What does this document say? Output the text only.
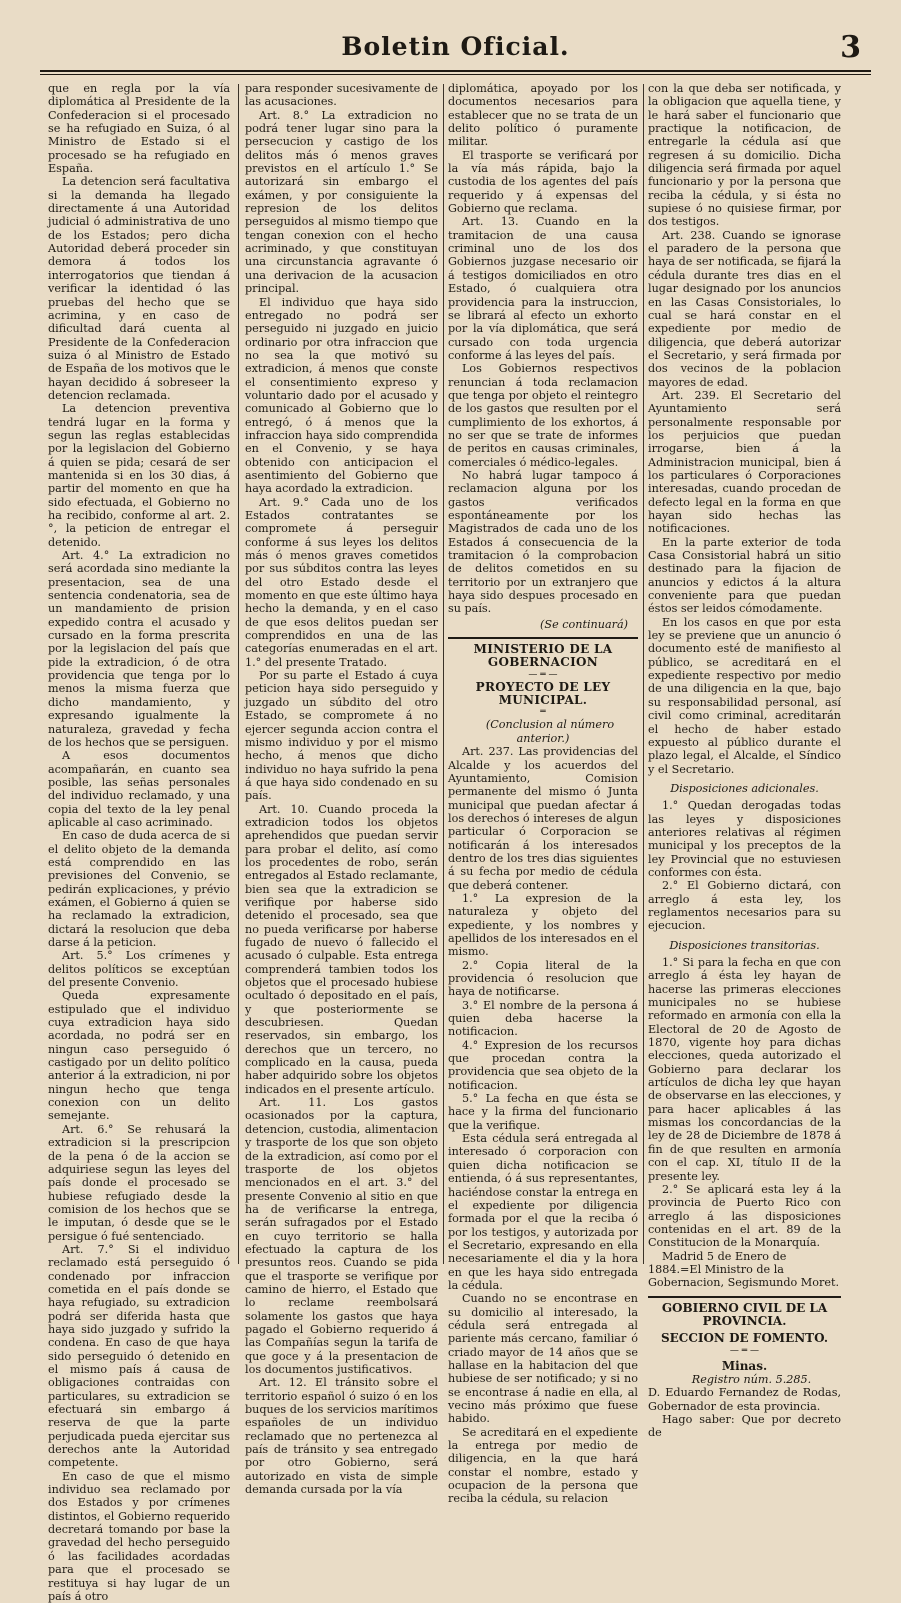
Boletin Oficial.	3

que en regla por la vía diplomática al Presidente de la Confederacion si el procesado se ha refugiado en Suiza, ó al Ministro de Estado si el procesado se ha refugiado en España.

La detencion será facultativa si la demanda ha llegado directamente á una Autoridad judicial ó administrativa de uno de los Estados; pero dicha Autoridad deberá proceder sin demora á todos los interrogatorios que tiendan á verificar la identidad ó las pruebas del hecho que se acrimina, y en caso de dificultad dará cuenta al Presidente de la Confederacion suiza ó al Ministro de Estado de España de los motivos que le hayan decidido á sobreseer la detencion reclamada.

La detencion preventiva tendrá lugar en la forma y segun las reglas establecidas por la legislacion del Gobierno á quien se pida; cesará de ser mantenida si en los 30 dias, á partir del momento en que ha sido efectuada, el Gobierno no ha recibido, conforme al art. 2.°, la peticion de entregar el detenido.

Art. 4.° La extradicion no será acordada sino mediante la presentacion, sea de una sentencia condenatoria, sea de un mandamiento de prision expedido contra el acusado y cursado en la forma prescrita por la legislacion del país que pide la extradicion, ó de otra providencia que tenga por lo menos la misma fuerza que dicho mandamiento, y expresando igualmente la naturaleza, gravedad y fecha de los hechos que se persiguen.

A esos documentos acompañarán, en cuanto sea posible, las señas personales del individuo reclamado, y una copia del texto de la ley penal aplicable al caso acriminado.

En caso de duda acerca de si el delito objeto de la demanda está comprendido en las previsiones del Convenio, se pedirán explicaciones, y prévio exámen, el Gobierno á quien se ha reclamado la extradicion, dictará la resolucion que deba darse á la peticion.

Art. 5.° Los crímenes y delitos políticos se exceptúan del presente Convenio.

Queda expresamente estipulado que el individuo cuya extradicion haya sido acordada, no podrá ser en ningun caso perseguido ó castigado por un delito político anterior á la extradicion, ni por ningun hecho que tenga conexion con un delito semejante.

Art. 6.° Se rehusará la extradicion si la prescripcion de la pena ó de la accion se adquiriese segun las leyes del país donde el procesado se hubiese refugiado desde la comision de los hechos que se le imputan, ó desde que se le persigue ó fué sentenciado.

Art. 7.° Si el individuo reclamado está perseguido ó condenado por infraccion cometida en el país donde se haya refugiado, su extradicion podrá ser diferida hasta que haya sido juzgado y sufrido la condena. En caso de que haya sido perseguido ó detenido en el mismo país á causa de obligaciones contraidas con particulares, su extradicion se efectuará sin embargo á reserva de que la parte perjudicada pueda ejercitar sus derechos ante la Autoridad competente.

En caso de que el mismo individuo sea reclamado por dos Estados y por crímenes distintos, el Gobierno requerido decretará tomando por base la gravedad del hecho perseguido ó las facilidades acordadas para que el procesado se restituya si hay lugar de un país á otro

para responder sucesivamente de las acusaciones.

Art. 8.° La extradicion no podrá tener lugar sino para la persecucion y castigo de los delitos más ó menos graves previstos en el artículo 1.° Se autorizará sin embargo el exámen, y por consiguiente la represion de los delitos perseguidos al mismo tiempo que tengan conexion con el hecho acriminado, y que constituyan una circunstancia agravante ó una derivacion de la acusacion principal.

El individuo que haya sido entregado no podrá ser perseguido ni juzgado en juicio ordinario por otra infraccion que no sea la que motivó su extradicion, á menos que conste el consentimiento expreso y voluntario dado por el acusado y comunicado al Gobierno que lo entregó, ó á menos que la infraccion haya sido comprendida en el Convenio, y se haya obtenido con anticipacion el asentimiento del Gobierno que haya acordado la extradicion.

Art. 9.° Cada uno de los Estados contratantes se compromete á perseguir conforme á sus leyes los delitos más ó menos graves cometidos por sus súbditos contra las leyes del otro Estado desde el momento en que este último haya hecho la demanda, y en el caso de que esos delitos puedan ser comprendidos en una de las categorías enumeradas en el art. 1.° del presente Tratado.

Por su parte el Estado á cuya peticion haya sido perseguido y juzgado un súbdito del otro Estado, se compromete á no ejercer segunda accion contra el mismo individuo y por el mismo hecho, á menos que dicho individuo no haya sufrido la pena á que haya sido condenado en su país.

Art. 10. Cuando proceda la extradicion todos los objetos aprehendidos que puedan servir para probar el delito, así como los procedentes de robo, serán entregados al Estado reclamante, bien sea que la extradicion se verifique por haberse sido detenido el procesado, sea que no pueda verificarse por haberse fugado de nuevo ó fallecido el acusado ó culpable. Esta entrega comprenderá tambien todos los objetos que el procesado hubiese ocultado ó depositado en el país, y que posteriormente se descubriesen. Quedan reservados, sin embargo, los derechos que un tercero, no complicado en la causa, pueda haber adquirido sobre los objetos indicados en el presente artículo.

Art. 11. Los gastos ocasionados por la captura, detencion, custodia, alimentacion y trasporte de los que son objeto de la extradicion, así como por el trasporte de los objetos mencionados en el art. 3.° del presente Convenio al sitio en que ha de verificarse la entrega, serán sufragados por el Estado en cuyo territorio se halla efectuado la captura de los presuntos reos. Cuando se pida que el trasporte se verifique por camino de hierro, el Estado que lo reclame reembolsará solamente los gastos que haya pagado el Gobierno requerido á las Compañías segun la tarifa de que goce y á la presentacion de los documentos justificativos.

Art. 12. El tránsito sobre el territorio español ó suizo ó en los buques de los servicios marítimos españoles de un individuo reclamado que no pertenezca al país de tránsito y sea entregado por otro Gobierno, será autorizado en vista de simple demanda cursada por la vía

diplomática, apoyado por los documentos necesarios para establecer que no se trata de un delito político ó puramente militar.

El trasporte se verificará por la vía más rápida, bajo la custodia de los agentes del país requerido y á expensas del Gobierno que reclama.

Art. 13. Cuando en la tramitacion de una causa criminal uno de los dos Gobiernos juzgase necesario oir á testigos domiciliados en otro Estado, ó cualquiera otra providencia para la instruccion, se librará al efecto un exhorto por la vía diplomática, que será cursado con toda urgencia conforme á las leyes del país.

Los Gobiernos respectivos renuncian á toda reclamacion que tenga por objeto el reintegro de los gastos que resulten por el cumplimiento de los exhortos, á no ser que se trate de informes de peritos en causas criminales, comerciales ó médico-legales.

No habrá lugar tampoco á reclamacion alguna por los gastos verificados espontáneamente por los Magistrados de cada uno de los Estados á consecuencia de la tramitacion ó la comprobacion de delitos cometidos en su territorio por un extranjero que haya sido despues procesado en su país.

(Se continuará)
MINISTERIO DE LA GOBERNACION
— ═ —
PROYECTO DE LEY MUNICIPAL.
═

(Conclusion al número anterior.)

Art. 237. Las providencias del Alcalde y los acuerdos del Ayuntamiento, Comision permanente del mismo ó Junta municipal que puedan afectar á los derechos ó intereses de algun particular ó Corporacion se notificarán á los interesados dentro de los tres dias siguientes á su fecha por medio de cédula que deberá contener.

1.° La expresion de la naturaleza y objeto del expediente, y los nombres y apellidos de los interesados en el mismo.

2.° Copia literal de la providencia ó resolucion que haya de notificarse.

3.° El nombre de la persona á quien deba hacerse la notificacion.

4.° Expresion de los recursos que procedan contra la providencia que sea objeto de la notificacion.

5.° La fecha en que ésta se hace y la firma del funcionario que la verifique.

Esta cédula será entregada al interesado ó corporacion con quien dicha notificacion se entienda, ó á sus representantes, haciéndose constar la entrega en el expediente por diligencia formada por el que la reciba ó por los testigos, y autorizada por el Secretario, expresando en ella necesariamente el dia y la hora en que les haya sido entregada la cédula.

Cuando no se encontrase en su domicilio al interesado, la cédula será entregada al pariente más cercano, familiar ó criado mayor de 14 años que se hallase en la habitacion del que hubiese de ser notificado; y si no se encontrase á nadie en ella, al vecino más próximo que fuese habido.

Se acreditará en el expediente la entrega por medio de diligencia, en la que hará constar el nombre, estado y ocupacion de la persona que reciba la cédula, su relacion

con la que deba ser notificada, y la obligacion que aquella tiene, y le hará saber el funcionario que practique la notificacion, de entregarle la cédula así que regresen á su domicilio. Dicha diligencia será firmada por aquel funcionario y por la persona que reciba la cédula, y si ésta no supiese ó no quisiese firmar, por dos testigos.

Art. 238. Cuando se ignorase el paradero de la persona que haya de ser notificada, se fijará la cédula durante tres dias en el lugar designado por los anuncios en las Casas Consistoriales, lo cual se hará constar en el expediente por medio de diligencia, que deberá autorizar el Secretario, y será firmada por dos vecinos de la poblacion mayores de edad.

Art. 239. El Secretario del Ayuntamiento será personalmente responsable por los perjuicios que puedan irrogarse, bien á la Administracion municipal, bien á los particulares ó Corporaciones interesadas, cuando procedan de defecto legal en la forma en que hayan sido hechas las notificaciones.

En la parte exterior de toda Casa Consistorial habrá un sitio destinado para la fijacion de anuncios y edictos á la altura conveniente para que puedan éstos ser leidos cómodamente.

En los casos en que por esta ley se previene que un anuncio ó documento esté de manifiesto al público, se acreditará en el expediente respectivo por medio de una diligencia en la que, bajo su responsabilidad personal, así civil como criminal, acreditarán el hecho de haber estado expuesto al público durante el plazo legal, el Alcalde, el Síndico y el Secretario.

Disposiciones adicionales.

1.° Quedan derogadas todas las leyes y disposiciones anteriores relativas al régimen municipal y los preceptos de la ley Provincial que no estuviesen conformes con ésta.

2.° El Gobierno dictará, con arreglo á esta ley, los reglamentos necesarios para su ejecucion.

Disposiciones transitorias.

1.° Si para la fecha en que con arreglo á ésta ley hayan de hacerse las primeras elecciones municipales no se hubiese reformado en armonía con ella la Electoral de 20 de Agosto de 1870, vigente hoy para dichas elecciones, queda autorizado el Gobierno para declarar los artículos de dicha ley que hayan de observarse en las elecciones, y para hacer aplicables á las mismas los concordancias de la ley de 28 de Diciembre de 1878 á fin de que resulten en armonía con el cap. XI, título II de la presente ley.

2.° Se aplicará esta ley á la provincia de Puerto Rico con arreglo á las disposiciones contenidas en el art. 89 de la Constitucion de la Monarquía.

Madrid 5 de Enero de 1884.=El Ministro de la Gobernacion, Segismundo Moret.

GOBIERNO CIVIL DE LA PROVINCIA.
SECCION DE FOMENTO.
— ═ —
Minas.

Registro núm. 5.285.

D. Eduardo Fernandez de Rodas, Gobernador de esta provincia.

Hago saber: Que por decreto de
